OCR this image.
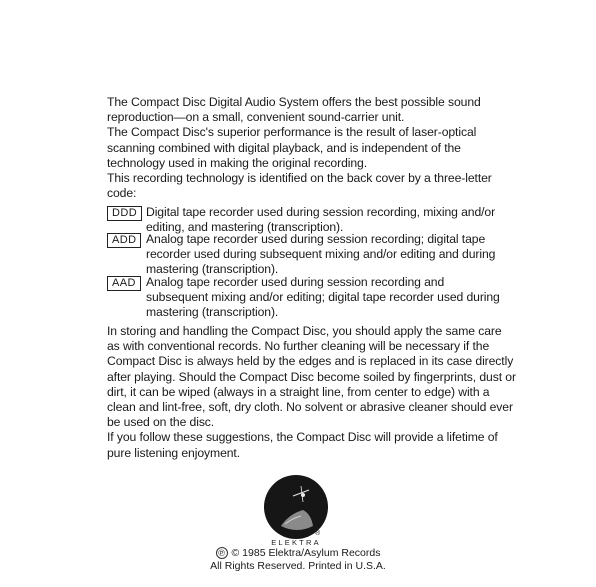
The Compact Disc Digital Audio System offers the best possible sound reproduction—on a small, convenient sound-carrier unit.

The Compact Disc's superior performance is the result of laser-optical scanning combined with digital playback, and is independent of the technology used in making the original recording.

This recording technology is identified on the back cover by a three-letter code:

DDD Digital tape recorder used during session recording, mixing and/or editing, and mastering (transcription).
ADD Analog tape recorder used during session recording; digital tape recorder used during subsequent mixing and/or editing and during mastering (transcription).
AAD Analog tape recorder used during session recording and subsequent mixing and/or editing; digital tape recorder used during mastering (transcription).

In storing and handling the Compact Disc, you should apply the same care as with conventional records. No further cleaning will be necessary if the Compact Disc is always held by the edges and is replaced in its case directly after playing. Should the Compact Disc become soiled by fingerprints, dust or dirt, it can be wiped (always in a straight line, from center to edge) with a clean and lint-free, soft, dry cloth. No solvent or abrasive cleaner should ever be used on the disc.

If you follow these suggestions, the Compact Disc will provide a lifetime of pure listening enjoyment.

ELEKTRA
®
℗ © 1985 Elektra/Asylum Records
All Rights Reserved. Printed in U.S.A.
